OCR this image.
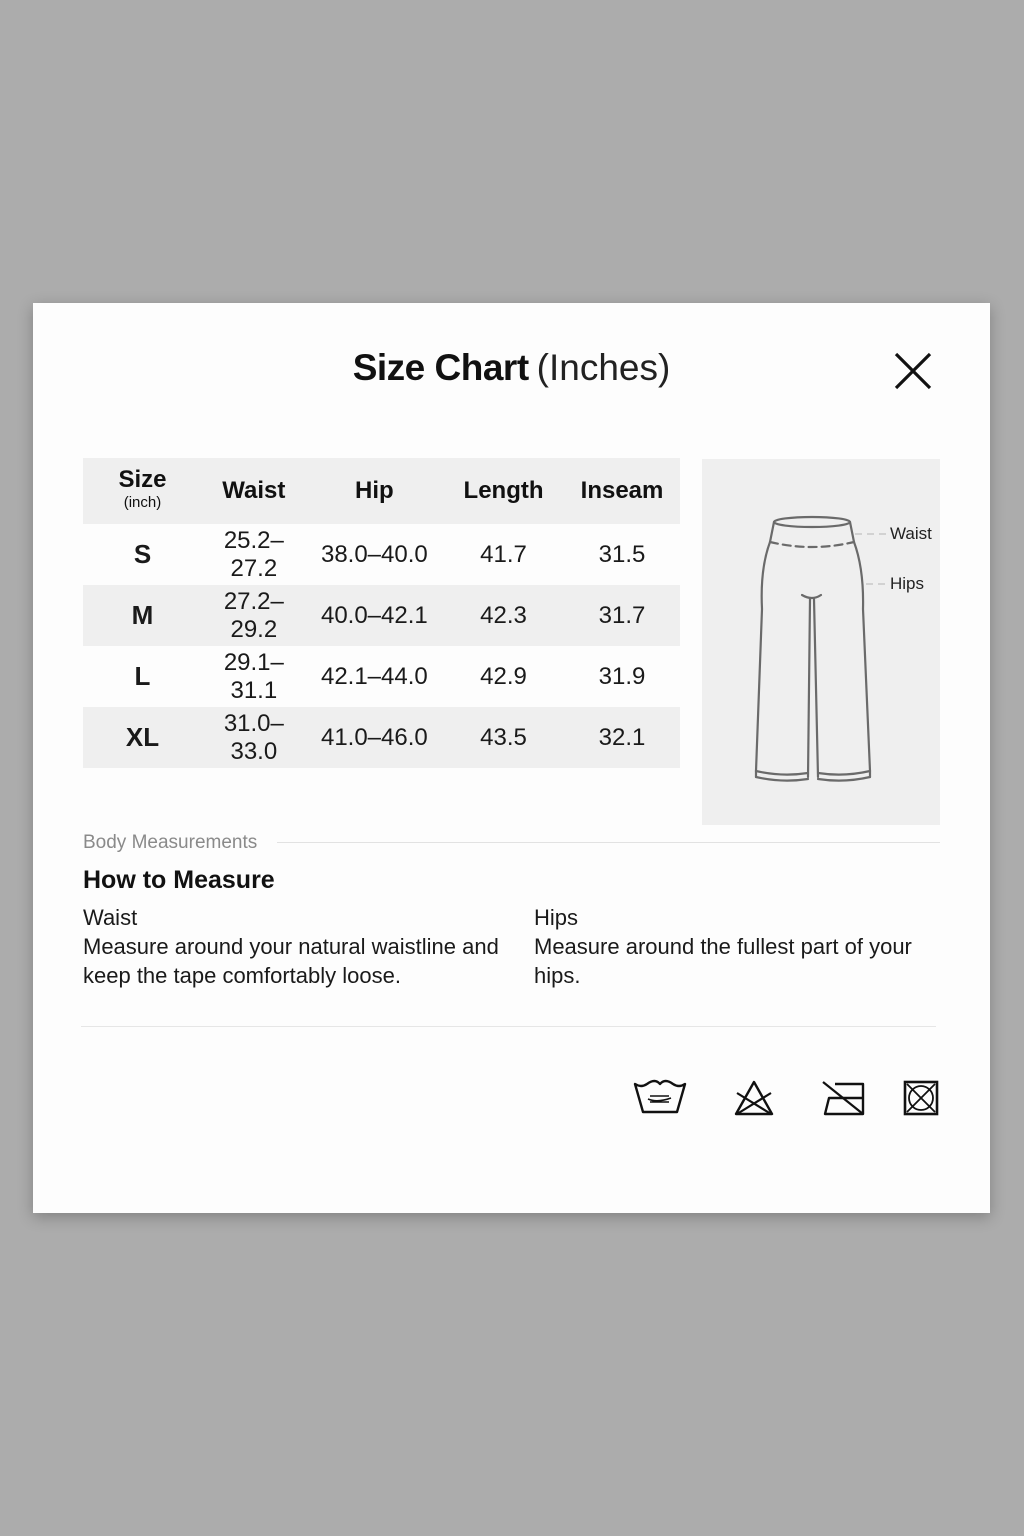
Size Chart (Inches)
Size
(inch)	Waist	Hip	Length	Inseam
S	25.2–27.2	38.0–40.0	41.7	31.5
M	27.2–29.2	40.0–42.1	42.3	31.7
L	29.1–31.1	42.1–44.0	42.9	31.9
XL	31.0–33.0	41.0–46.0	43.5	32.1
Waist
Hips
Body Measurements
How to Measure
Waist
Measure around your natural waistline and keep the tape comfortably loose.
Hips
Measure around the fullest part of your hips.
